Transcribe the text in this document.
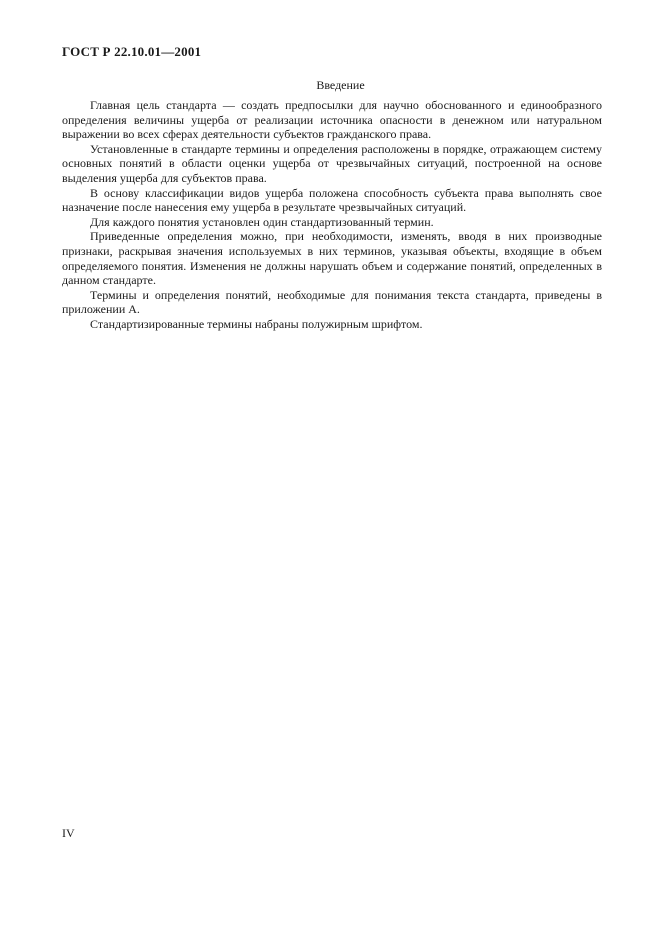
ГОСТ Р 22.10.01—2001
Введение

Главная цель стандарта — создать предпосылки для научно обоснованного и единообразного определения величины ущерба от реализации источника опасности в денежном или натуральном выражении во всех сферах деятельности субъектов гражданского права.

Установленные в стандарте термины и определения расположены в порядке, отражающем систему основных понятий в области оценки ущерба от чрезвычайных ситуаций, построенной на основе выделения ущерба для субъектов права.

В основу классификации видов ущерба положена способность субъекта права выполнять свое назначение после нанесения ему ущерба в результате чрезвычайных ситуаций.

Для каждого понятия установлен один стандартизованный термин.

Приведенные определения можно, при необходимости, изменять, вводя в них производные признаки, раскрывая значения используемых в них терминов, указывая объекты, входящие в объем определяемого понятия. Изменения не должны нарушать объем и содержание понятий, определенных в данном стандарте.

Термины и определения понятий, необходимые для понимания текста стандарта, приведены в приложении А.

Стандартизированные термины набраны полужирным шрифтом.

IV
